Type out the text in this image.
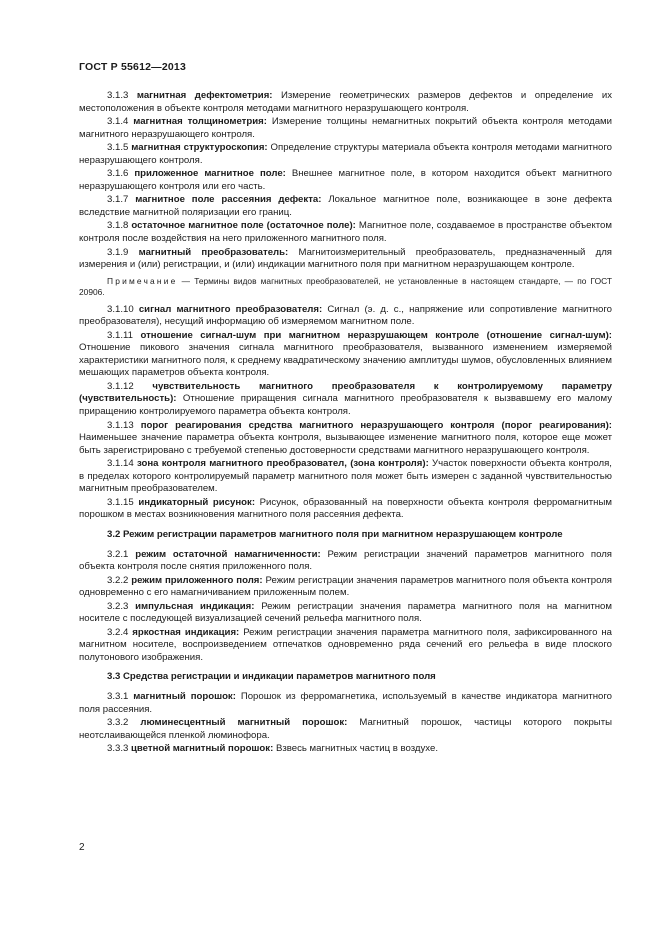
ГОСТ Р 55612—2013

3.1.3 магнитная дефектометрия: Измерение геометрических размеров дефектов и определение их местоположения в объекте контроля методами магнитного неразрушающего контроля.

3.1.4 магнитная толщинометрия: Измерение толщины немагнитных покрытий объекта контроля методами магнитного неразрушающего контроля.

3.1.5 магнитная структуроскопия: Определение структуры материала объекта контроля методами магнитного неразрушающего контроля.

3.1.6 приложенное магнитное поле: Внешнее магнитное поле, в котором находится объект магнитного неразрушающего контроля или его часть.

3.1.7 магнитное поле рассеяния дефекта: Локальное магнитное поле, возникающее в зоне дефекта вследствие магнитной поляризации его границ.

3.1.8 остаточное магнитное поле (остаточное поле): Магнитное поле, создаваемое в пространстве объектом контроля после воздействия на него приложенного магнитного поля.

3.1.9 магнитный преобразователь: Магнитоизмерительный преобразователь, предназначенный для измерения и (или) регистрации, и (или) индикации магнитного поля при магнитном неразрушающем контроле.

Примечание — Термины видов магнитных преобразователей, не установленные в настоящем стандарте, — по ГОСТ 20906.

3.1.10 сигнал магнитного преобразователя: Сигнал (э. д. с., напряжение или сопротивление магнитного преобразователя), несущий информацию об измеряемом магнитном поле.

3.1.11 отношение сигнал-шум при магнитном неразрушающем контроле (отношение сигнал-шум): Отношение пикового значения сигнала магнитного преобразователя, вызванного изменением измеряемой характеристики магнитного поля, к среднему квадратическому значению амплитуды шумов, обусловленных влиянием мешающих параметров объекта контроля.

3.1.12 чувствительность магнитного преобразователя к контролируемому параметру (чувствительность): Отношение приращения сигнала магнитного преобразователя к вызвавшему его малому приращению контролируемого параметра объекта контроля.

3.1.13 порог реагирования средства магнитного неразрушающего контроля (порог реагирования): Наименьшее значение параметра объекта контроля, вызывающее изменение магнитного поля, которое еще может быть зарегистрировано с требуемой степенью достоверности средствами магнитного неразрушающего контроля.

3.1.14 зона контроля магнитного преобразовател, (зона контроля): Участок поверхности объекта контроля, в пределах которого контролируемый параметр магнитного поля может быть измерен с заданной чувствительностью магнитным преобразователем.

3.1.15 индикаторный рисунок: Рисунок, образованный на поверхности объекта контроля ферромагнитным порошком в местах возникновения магнитного поля рассеяния дефекта.

3.2 Режим регистрации параметров магнитного поля при магнитном неразрушающем контроле

3.2.1 режим остаточной намагниченности: Режим регистрации значений параметров магнитного поля объекта контроля после снятия приложенного поля.

3.2.2 режим приложенного поля: Режим регистрации значения параметров магнитного поля объекта контроля одновременно с его намагничиванием приложенным полем.

3.2.3 импульсная индикация: Режим регистрации значения параметра магнитного поля на магнитном носителе с последующей визуализацией сечений рельефа магнитного поля.

3.2.4 яркостная индикация: Режим регистрации значения параметра магнитного поля, зафиксированного на магнитном носителе, воспроизведением отпечатков одновременно ряда сечений его рельефа в виде плоского полутонового изображения.

3.3 Средства регистрации и индикации параметров магнитного поля

3.3.1 магнитный порошок: Порошок из ферромагнетика, используемый в качестве индикатора магнитного поля рассеяния.

3.3.2 люминесцентный магнитный порошок: Магнитный порошок, частицы которого покрыты неотслаивающейся пленкой люминофора.

3.3.3 цветной магнитный порошок: Взвесь магнитных частиц в воздухе.

2
